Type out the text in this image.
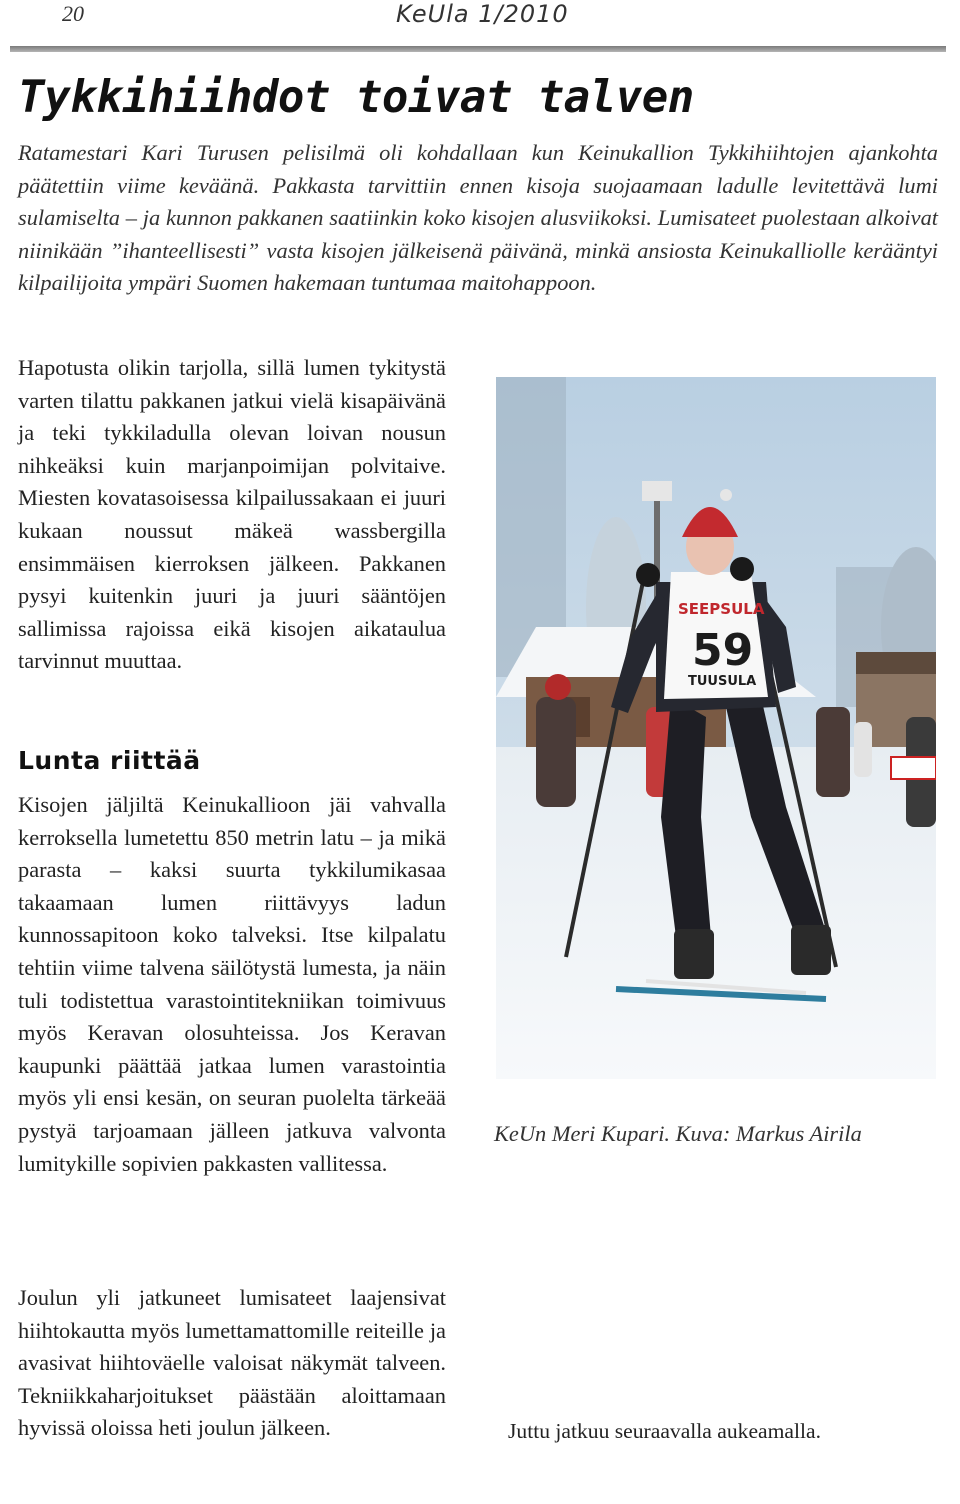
20	KeUla 1/2010
Tykkihiihdot toivat talven

Ratamestari Kari Turusen pelisilmä oli kohdallaan kun Keinukallion Tykkihiihtojen ajankohta päätettiin viime keväänä. Pakkasta tarvittiin ennen kisoja suojaamaan ladulle levitettävä lumi sulamiselta – ja kunnon pakkanen saatiinkin koko kisojen alusviikoksi. Lumisateet puolestaan alkoivat niinikään ”ihanteellisesti” vasta kisojen jälkeisenä päivänä, minkä ansiosta Keinukalliolle kerääntyi kilpailijoita ympäri Suomen hakemaan tuntumaa maitohappoon.

Hapotusta olikin tarjolla, sillä lumen tykitystä varten tilattu pakkanen jatkui vielä kisapäivänä ja teki tykkiladulla olevan loivan nousun nihkeäksi kuin marjanpoimijan polvitaive. Miesten kovatasoisessa kilpailussakaan ei juuri kukaan noussut mäkeä wassbergilla ensimmäisen kierroksen jälkeen. Pakkanen pysyi kuitenkin juuri ja juuri sääntöjen sallimissa rajoissa eikä kisojen aikataulua tarvinnut muuttaa.

Lunta riittää

Kisojen jäljiltä Keinukallioon jäi vahvalla kerroksella lumetettu 850 metrin latu – ja mikä parasta – kaksi suurta tykkilumikasaa takaamaan lumen riittävyys ladun kunnossapitoon koko talveksi. Itse kilpalatu tehtiin viime talvena säilötystä lumesta, ja näin tuli todistettua varastointitekniikan toimivuus myös Keravan olosuhteissa. Jos Keravan kaupunki päättää jatkaa lumen varastointia myös yli ensi kesän, on seuran puolelta tärkeää pystyä tarjoamaan jälleen jatkuva valvonta lumitykille sopivien pakkasten vallitessa.

Joulun yli jatkuneet lumisateet laajensivat hiihtokautta myös lumettamattomille reiteille ja avasivat hiihtoväelle valoisat näkymät talveen. Tekniikkaharjoitukset päästään aloittamaan hyvissä oloissa heti joulun jälkeen.

SEEPSULA
59
TUUSULA

KeUn Meri Kupari. Kuva: Markus Airila

Juttu jatkuu seuraavalla aukeamalla.
